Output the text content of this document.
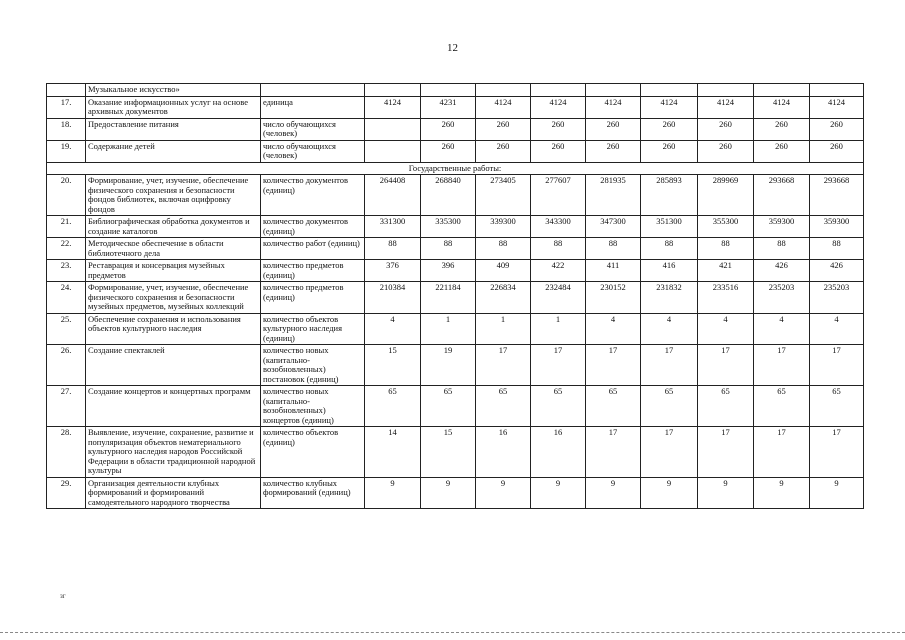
12
	Музыкальное искусство»										
17.	Оказание информационных услуг на основе архивных документов	единица	4124	4231	4124	4124	4124	4124	4124	4124	4124
18.	Предоставление питания	число обучающихся (человек)		260	260	260	260	260	260	260	260
19.	Содержание детей	число обучающихся (человек)		260	260	260	260	260	260	260	260
Государственные работы:											
20.	Формирование, учет, изучение, обеспечение физического сохранения и безопасности фондов библиотек, включая оцифровку фондов	количество документов (единиц)	264408	268840	273405	277607	281935	285893	289969	293668	293668
21.	Библиографическая обработка документов и создание каталогов	количество документов (единиц)	331300	335300	339300	343300	347300	351300	355300	359300	359300
22.	Методическое обеспечение в области библиотечного дела	количество работ (единиц)	88	88	88	88	88	88	88	88	88
23.	Реставрация и консервация музейных предметов	количество предметов (единиц)	376	396	409	422	411	416	421	426	426
24.	Формирование, учет, изучение, обеспечение физического сохранения и безопасности музейных предметов, музейных коллекций	количество предметов (единиц)	210384	221184	226834	232484	230152	231832	233516	235203	235203
25.	Обеспечение сохранения и использования объектов культурного наследия	количество объектов культурного наследия (единиц)	4	1	1	1	4	4	4	4	4
26.	Создание спектаклей	количество новых (капитально-возобновленных) постановок (единиц)	15	19	17	17	17	17	17	17	17
27.	Создание концертов и концертных программ	количество новых (капитально-возобновленных) концертов (единиц)	65	65	65	65	65	65	65	65	65
28.	Выявление, изучение, сохранение, развитие и популяризация объектов нематериального культурного наследия народов Российской Федерации в области традиционной народной культуры	количество объектов (единиц)	14	15	16	16	17	17	17	17	17
29.	Организация деятельности клубных формирований и формирований самодеятельного народного творчества	количество клубных формирований (единиц)	9	9	9	9	9	9	9	9	9
зг
